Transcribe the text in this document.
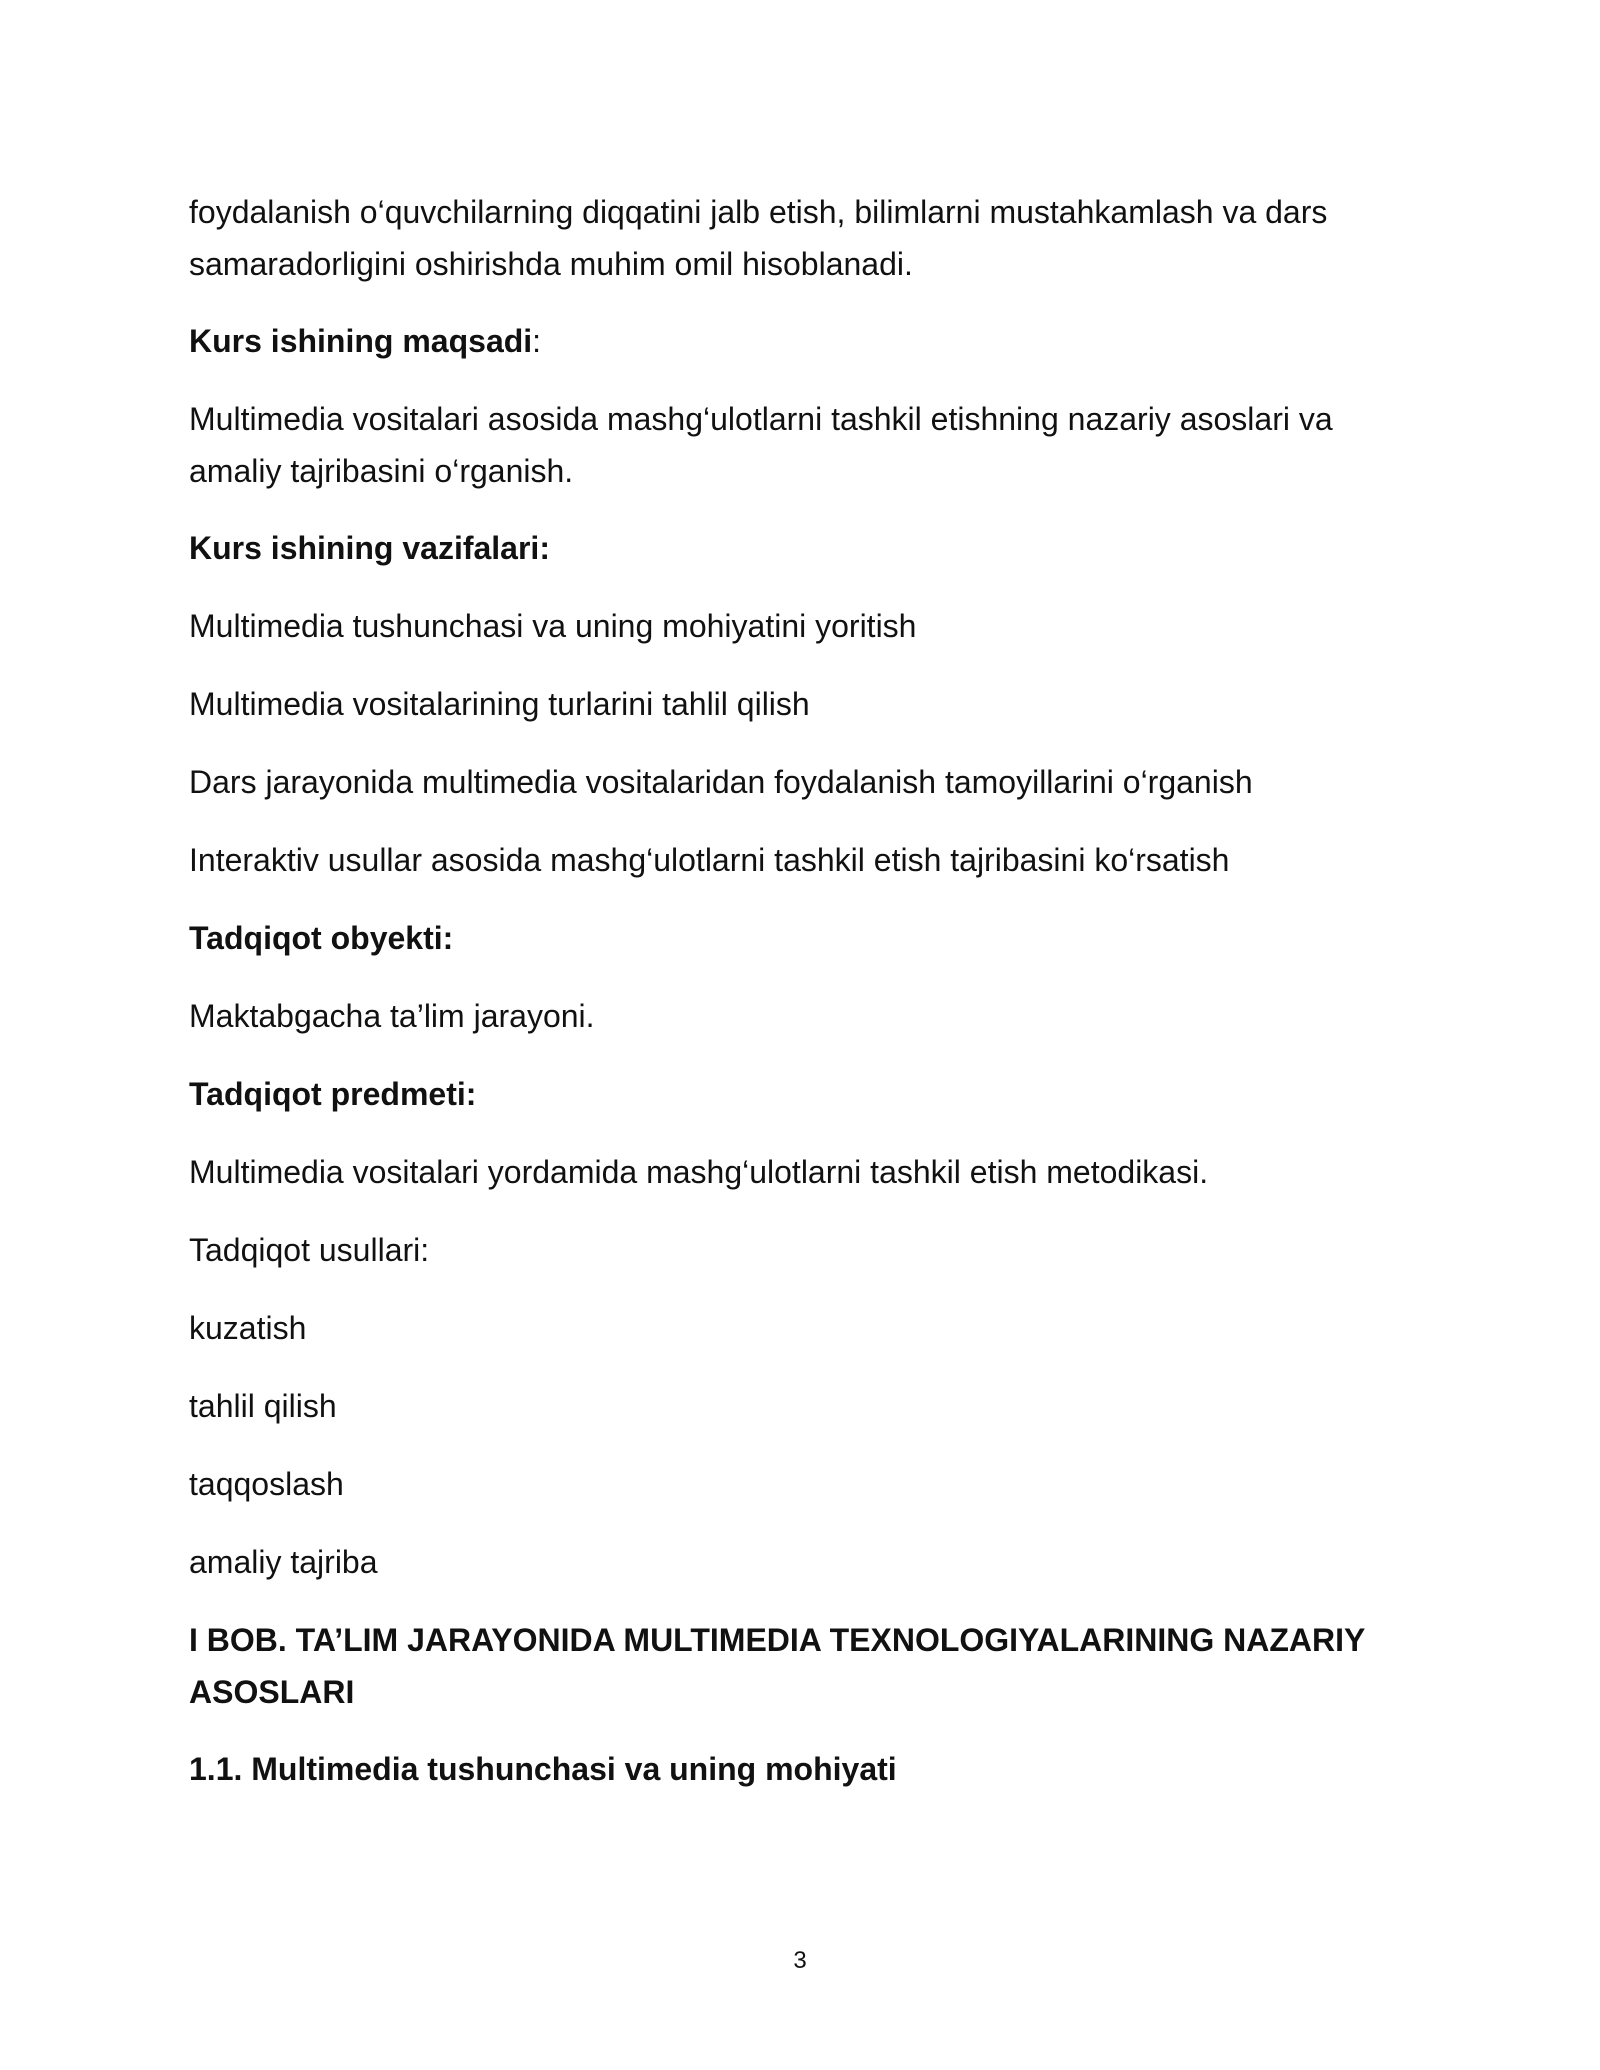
foydalanish o‘quvchilarning diqqatini jalb etish, bilimlarni mustahkamlash va dars
samaradorligini oshirishda muhim omil hisoblanadi.
Kurs ishining maqsadi:
Multimedia vositalari asosida mashg‘ulotlarni tashkil etishning nazariy asoslari va
amaliy tajribasini o‘rganish.
Kurs ishining vazifalari:
Multimedia tushunchasi va uning mohiyatini yoritish
Multimedia vositalarining turlarini tahlil qilish
Dars jarayonida multimedia vositalaridan foydalanish tamoyillarini o‘rganish
Interaktiv usullar asosida mashg‘ulotlarni tashkil etish tajribasini ko‘rsatish
Tadqiqot obyekti:
Maktabgacha ta’lim jarayoni.
Tadqiqot predmeti:
Multimedia vositalari yordamida mashg‘ulotlarni tashkil etish metodikasi.
Tadqiqot usullari:
kuzatish
tahlil qilish
taqqoslash
amaliy tajriba
I BOB. TA’LIM JARAYONIDA MULTIMEDIA TEXNOLOGIYALARINING NAZARIY
ASOSLARI
1.1. Multimedia tushunchasi va uning mohiyati
3
